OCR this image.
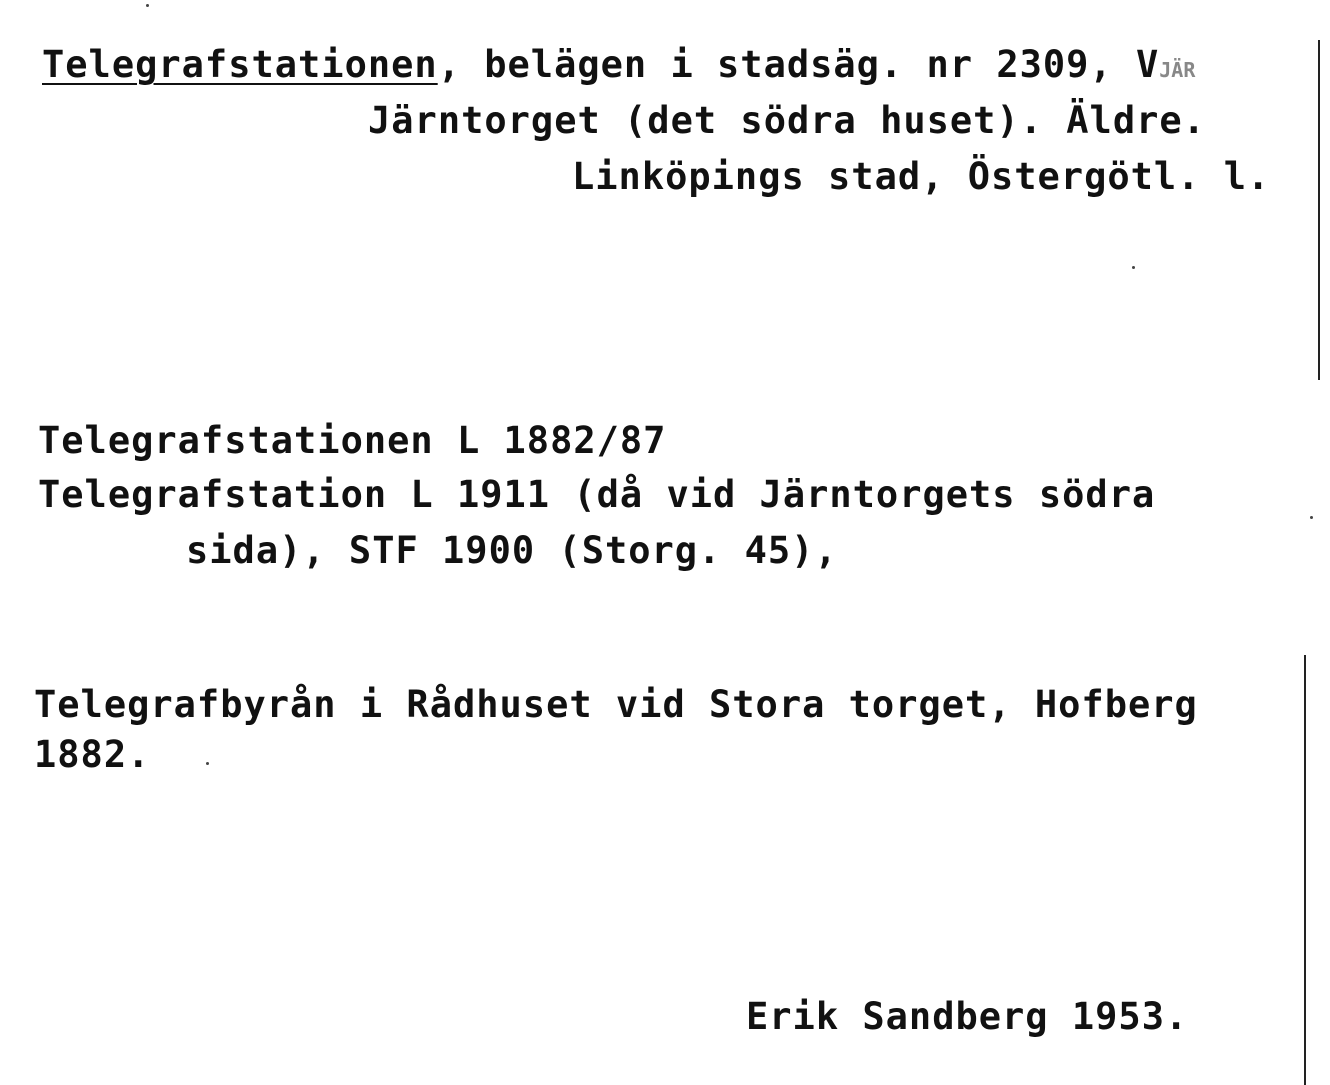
Telegrafstationen, belägen i stadsäg. nr 2309, VJÄR
Järntorget (det södra huset). Äldre.
Linköpings stad, Östergötl. l.
Telegrafstationen L 1882/87
Telegrafstation L 1911 (då vid Järntorgets södra
sida), STF 1900 (Storg. 45),
Telegrafbyrån i Rådhuset vid Stora torget, Hofberg
1882.
Erik Sandberg 1953.
